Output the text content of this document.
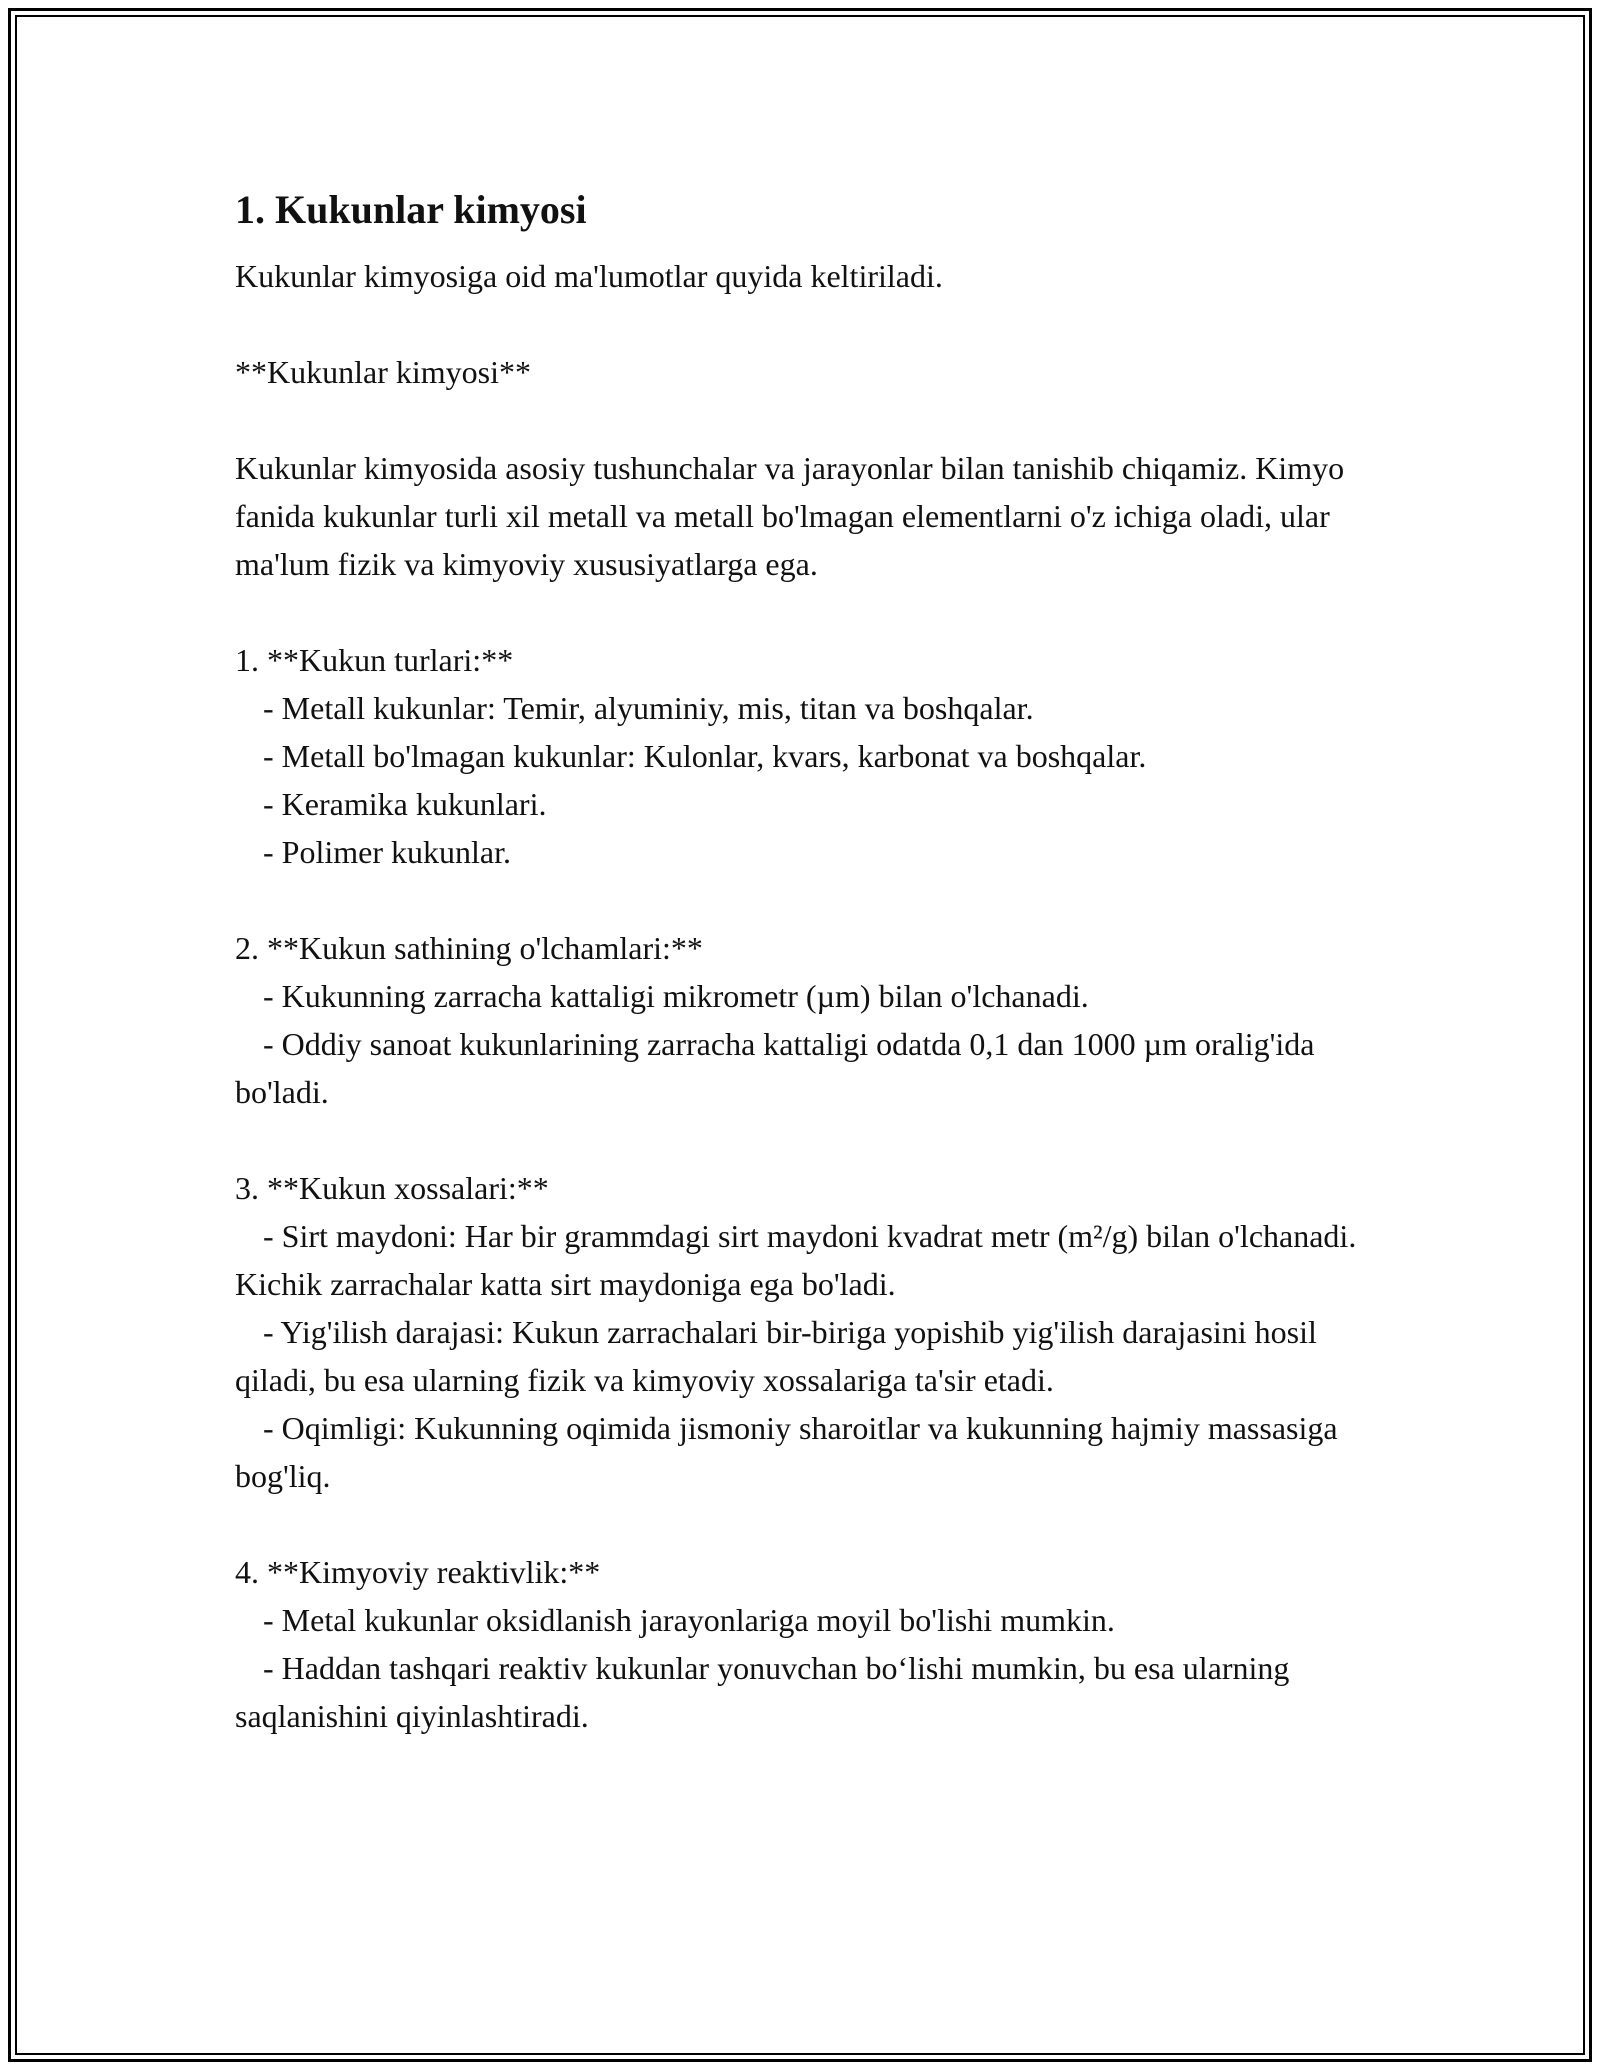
1. Kukunlar kimyosi

Kukunlar kimyosiga oid ma'lumotlar quyida keltiriladi.

**Kukunlar kimyosi**

Kukunlar kimyosida asosiy tushunchalar va jarayonlar bilan tanishib chiqamiz. Kimyo fanida kukunlar turli xil metall va metall bo'lmagan elementlarni o'z ichiga oladi, ular ma'lum fizik va kimyoviy xususiyatlarga ega.

1. **Kukun turlari:**

- Metall kukunlar: Temir, alyuminiy, mis, titan va boshqalar.

- Metall bo'lmagan kukunlar: Kulonlar, kvars, karbonat va boshqalar.

- Keramika kukunlari.

- Polimer kukunlar.

2. **Kukun sathining o'lchamlari:**

- Kukunning zarracha kattaligi mikrometr (µm) bilan o'lchanadi.

- Oddiy sanoat kukunlarining zarracha kattaligi odatda 0,1 dan 1000 µm oralig'ida bo'ladi.

3. **Kukun xossalari:**

- Sirt maydoni: Har bir grammdagi sirt maydoni kvadrat metr (m²/g) bilan o'lchanadi. Kichik zarrachalar katta sirt maydoniga ega bo'ladi.

- Yig'ilish darajasi: Kukun zarrachalari bir-biriga yopishib yig'ilish darajasini hosil qiladi, bu esa ularning fizik va kimyoviy xossalariga ta'sir etadi.

- Oqimligi: Kukunning oqimida jismoniy sharoitlar va kukunning hajmiy massasiga bog'liq.

4. **Kimyoviy reaktivlik:**

- Metal kukunlar oksidlanish jarayonlariga moyil bo'lishi mumkin.

- Haddan tashqari reaktiv kukunlar yonuvchan bo‘lishi mumkin, bu esa ularning saqlanishini qiyinlashtiradi.
